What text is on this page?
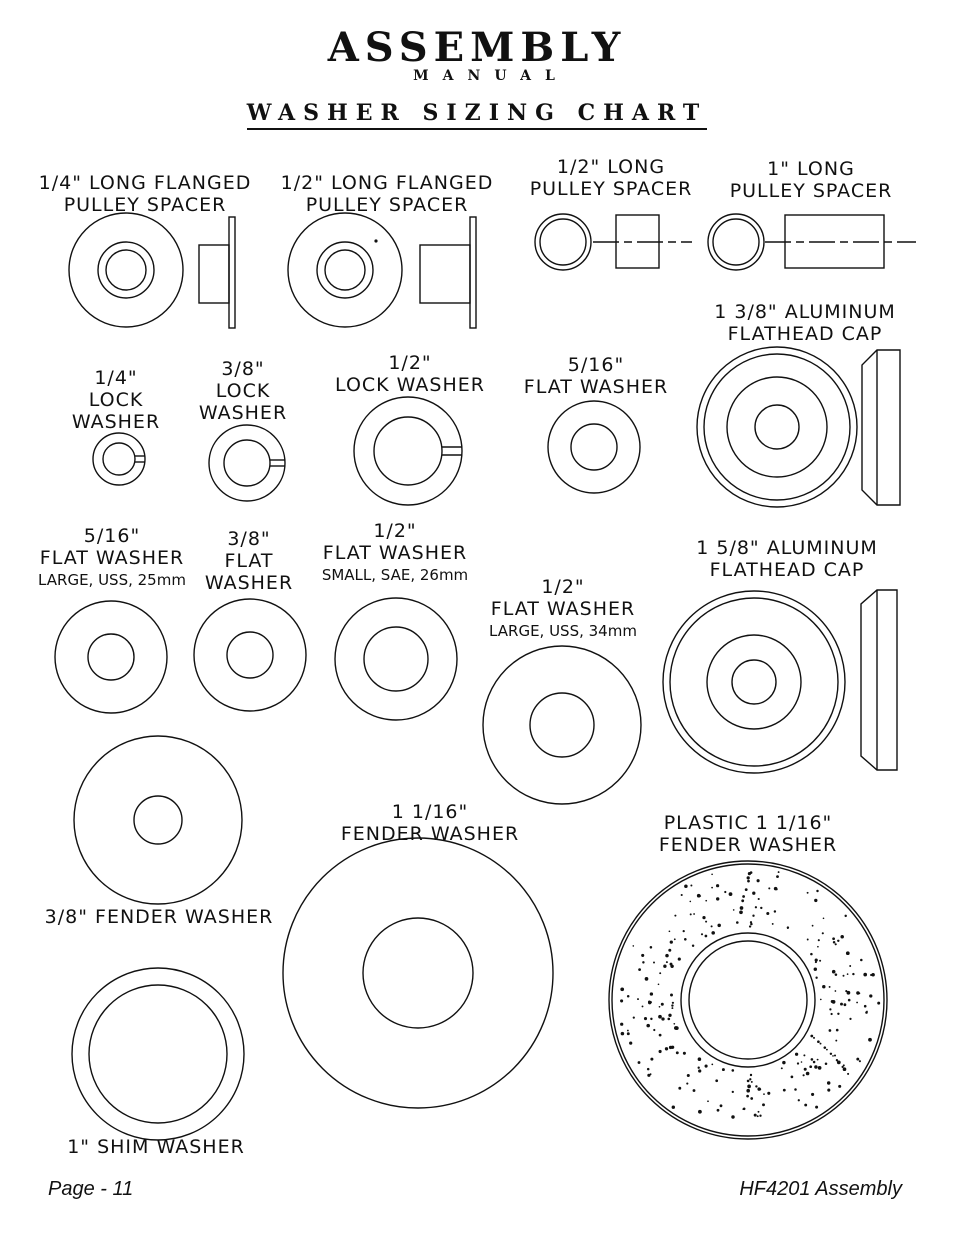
ASSEMBLY
MANUAL
WASHER SIZING CHART
1/4" LONG FLANGED
PULLEY SPACER
1/2" LONG FLANGED
PULLEY SPACER
1/2" LONG
PULLEY SPACER
1" LONG
PULLEY SPACER
1 3/8" ALUMINUM
FLATHEAD CAP
1/4"
LOCK
WASHER
3/8"
LOCK
WASHER
1/2"
LOCK WASHER
5/16"
FLAT WASHER
5/16"
FLAT WASHER
LARGE, USS, 25mm
3/8"
FLAT
WASHER
1/2"
FLAT WASHER
SMALL, SAE, 26mm
1/2"
FLAT WASHER
LARGE, USS, 34mm
1 5/8" ALUMINUM
FLATHEAD CAP
3/8" FENDER WASHER
1 1/16"
FENDER WASHER	PLASTIC 1 1/16"
FENDER WASHER
1" SHIM WASHER
Page - 11	HF4201 Assembly
